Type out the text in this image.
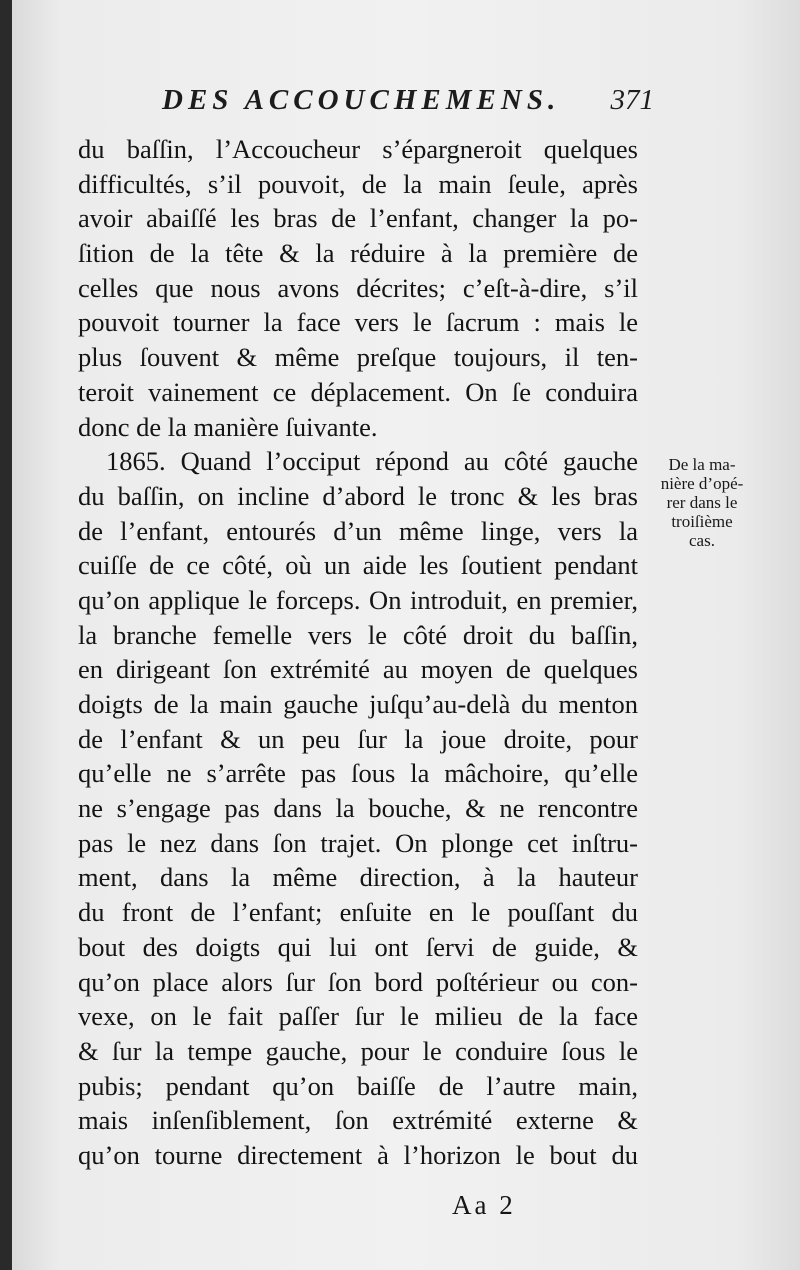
DES ACCOUCHEMENS. 371
du baſſin, l’Accoucheur s’épargneroit quelques
difficultés, s’il pouvoit, de la main ſeule, après
avoir abaiſſé les bras de l’enfant, changer la po-
ſition de la tête & la réduire à la première de
celles que nous avons décrites; c’eſt-à-dire, s’il
pouvoit tourner la face vers le ſacrum : mais le
plus ſouvent & même preſque toujours, il ten-
teroit vainement ce déplacement. On ſe conduira
donc de la manière ſuivante.
1865. Quand l’occiput répond au côté gauche
du baſſin, on incline d’abord le tronc & les bras
de l’enfant, entourés d’un même linge, vers la
cuiſſe de ce côté, où un aide les ſoutient pendant
qu’on applique le forceps. On introduit, en premier,
la branche femelle vers le côté droit du baſſin,
en dirigeant ſon extrémité au moyen de quelques
doigts de la main gauche juſqu’au-delà du menton
de l’enfant & un peu ſur la joue droite, pour
qu’elle ne s’arrête pas ſous la mâchoire, qu’elle
ne s’engage pas dans la bouche, & ne rencontre
pas le nez dans ſon trajet. On plonge cet inſtru-
ment, dans la même direction, à la hauteur
du front de l’enfant; enſuite en le pouſſant du
bout des doigts qui lui ont ſervi de guide, &
qu’on place alors ſur ſon bord poſtérieur ou con-
vexe, on le fait paſſer ſur le milieu de la face
& ſur la tempe gauche, pour le conduire ſous le
pubis; pendant qu’on baiſſe de l’autre main,
mais inſenſiblement, ſon extrémité externe &
qu’on tourne directement à l’horizon le bout du
De la ma-
nière d’opé-
rer dans le
troiſième
cas.
Aa 2
